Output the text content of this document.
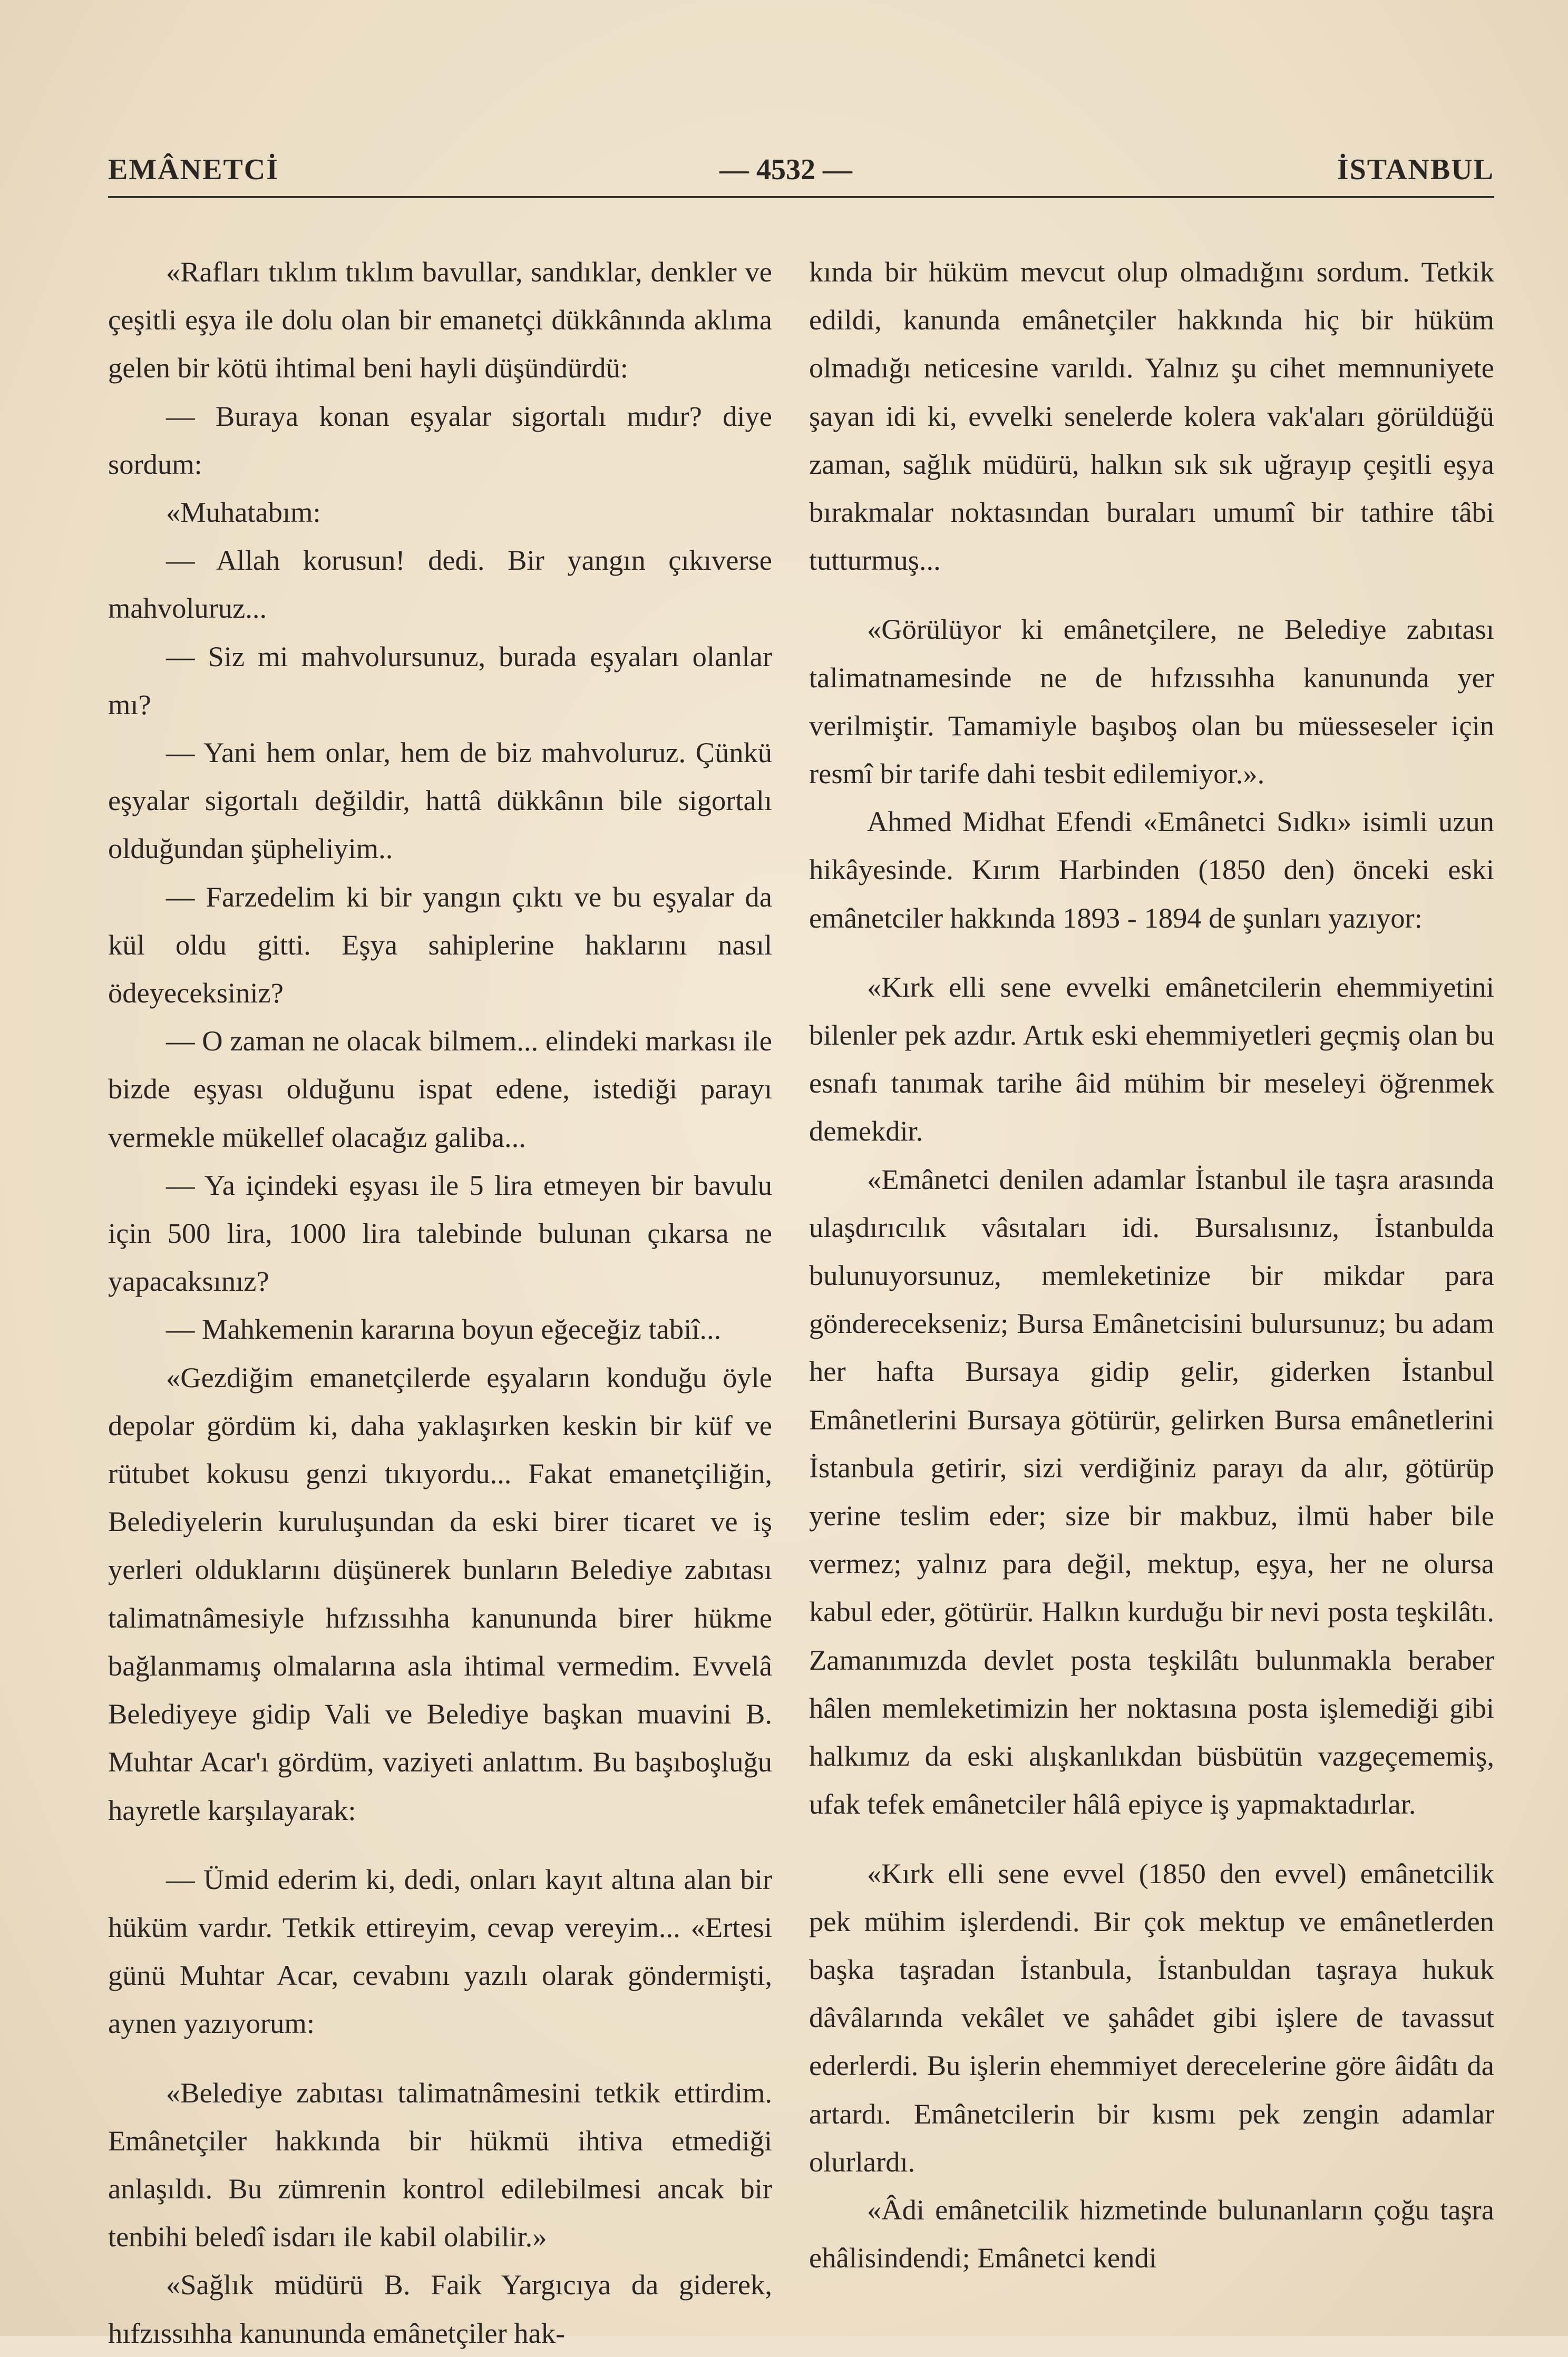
EMÂNETCİ	— 4532 —	İSTANBUL

«Rafları tıklım tıklım bavullar, sandıklar, denkler ve çeşitli eşya ile dolu olan bir emanetçi dükkânında aklıma gelen bir kötü ihtimal beni hayli düşündürdü:

— Buraya konan eşyalar sigortalı mıdır? diye sordum:

«Muhatabım:

— Allah korusun! dedi. Bir yangın çıkıverse mahvoluruz...

— Siz mi mahvolursunuz, burada eşyaları olanlar mı?

— Yani hem onlar, hem de biz mahvoluruz. Çünkü eşyalar sigortalı değildir, hattâ dükkânın bile sigortalı olduğundan şüpheliyim..

— Farzedelim ki bir yangın çıktı ve bu eşyalar da kül oldu gitti. Eşya sahiplerine haklarını nasıl ödeyeceksiniz?

— O zaman ne olacak bilmem... elindeki markası ile bizde eşyası olduğunu ispat edene, istediği parayı vermekle mükellef olacağız galiba...

— Ya içindeki eşyası ile 5 lira etmeyen bir bavulu için 500 lira, 1000 lira talebinde bulunan çıkarsa ne yapacaksınız?

— Mahkemenin kararına boyun eğeceğiz tabiî...

«Gezdiğim emanetçilerde eşyaların konduğu öyle depolar gördüm ki, daha yaklaşırken keskin bir küf ve rütubet kokusu genzi tıkıyordu... Fakat emanetçiliğin, Belediyelerin kuruluşundan da eski birer ticaret ve iş yerleri olduklarını düşünerek bunların Belediye zabıtası talimatnâmesiyle hıfzıssıhha kanununda birer hükme bağlanmamış olmalarına asla ihtimal vermedim. Evvelâ Belediyeye gidip Vali ve Belediye başkan muavini B. Muhtar Acar'ı gördüm, vaziyeti anlattım. Bu başıboşluğu hayretle karşılayarak:

— Ümid ederim ki, dedi, onları kayıt altına alan bir hüküm vardır. Tetkik ettireyim, cevap vereyim... «Ertesi günü Muhtar Acar, cevabını yazılı olarak göndermişti, aynen yazıyorum:

«Belediye zabıtası talimatnâmesini tetkik ettirdim. Emânetçiler hakkında bir hükmü ihtiva etmediği anlaşıldı. Bu zümrenin kontrol edilebilmesi ancak bir tenbihi beledî isdarı ile kabil olabilir.»

«Sağlık müdürü B. Faik Yargıcıya da giderek, hıfzıssıhha kanununda emânetçiler hak-

kında bir hüküm mevcut olup olmadığını sordum. Tetkik edildi, kanunda emânetçiler hakkında hiç bir hüküm olmadığı neticesine varıldı. Yalnız şu cihet memnuniyete şayan idi ki, evvelki senelerde kolera vak'aları görüldüğü zaman, sağlık müdürü, halkın sık sık uğrayıp çeşitli eşya bırakmalar noktasından buraları umumî bir tathire tâbi tutturmuş...

«Görülüyor ki emânetçilere, ne Belediye zabıtası talimatnamesinde ne de hıfzıssıhha kanununda yer verilmiştir. Tamamiyle başıboş olan bu müesseseler için resmî bir tarife dahi tesbit edilemiyor.».

Ahmed Midhat Efendi «Emânetci Sıdkı» isimli uzun hikâyesinde. Kırım Harbinden (1850 den) önceki eski emânetciler hakkında 1893 - 1894 de şunları yazıyor:

«Kırk elli sene evvelki emânetcilerin ehemmiyetini bilenler pek azdır. Artık eski ehemmiyetleri geçmiş olan bu esnafı tanımak tarihe âid mühim bir meseleyi öğrenmek demekdir.

«Emânetci denilen adamlar İstanbul ile taşra arasında ulaşdırıcılık vâsıtaları idi. Bursalısınız, İstanbulda bulunuyorsunuz, memleketinize bir mikdar para gönderecekseniz; Bursa Emânetcisini bulursunuz; bu adam her hafta Bursaya gidip gelir, giderken İstanbul Emânetlerini Bursaya götürür, gelirken Bursa emânetlerini İstanbula getirir, sizi verdiğiniz parayı da alır, götürüp yerine teslim eder; size bir makbuz, ilmü haber bile vermez; yalnız para değil, mektup, eşya, her ne olursa kabul eder, götürür. Halkın kurduğu bir nevi posta teşkilâtı. Zamanımızda devlet posta teşkilâtı bulunmakla beraber hâlen memleketimizin her noktasına posta işlemediği gibi halkımız da eski alışkanlıkdan büsbütün vazgeçememiş, ufak tefek emânetciler hâlâ epiyce iş yapmaktadırlar.

«Kırk elli sene evvel (1850 den evvel) emânetcilik pek mühim işlerdendi. Bir çok mektup ve emânetlerden başka taşradan İstanbula, İstanbuldan taşraya hukuk dâvâlarında vekâlet ve şahâdet gibi işlere de tavassut ederlerdi. Bu işlerin ehemmiyet derecelerine göre âidâtı da artardı. Emânetcilerin bir kısmı pek zengin adamlar olurlardı.

«Âdi emânetcilik hizmetinde bulunanların çoğu taşra ehâlisindendi; Emânetci kendi
